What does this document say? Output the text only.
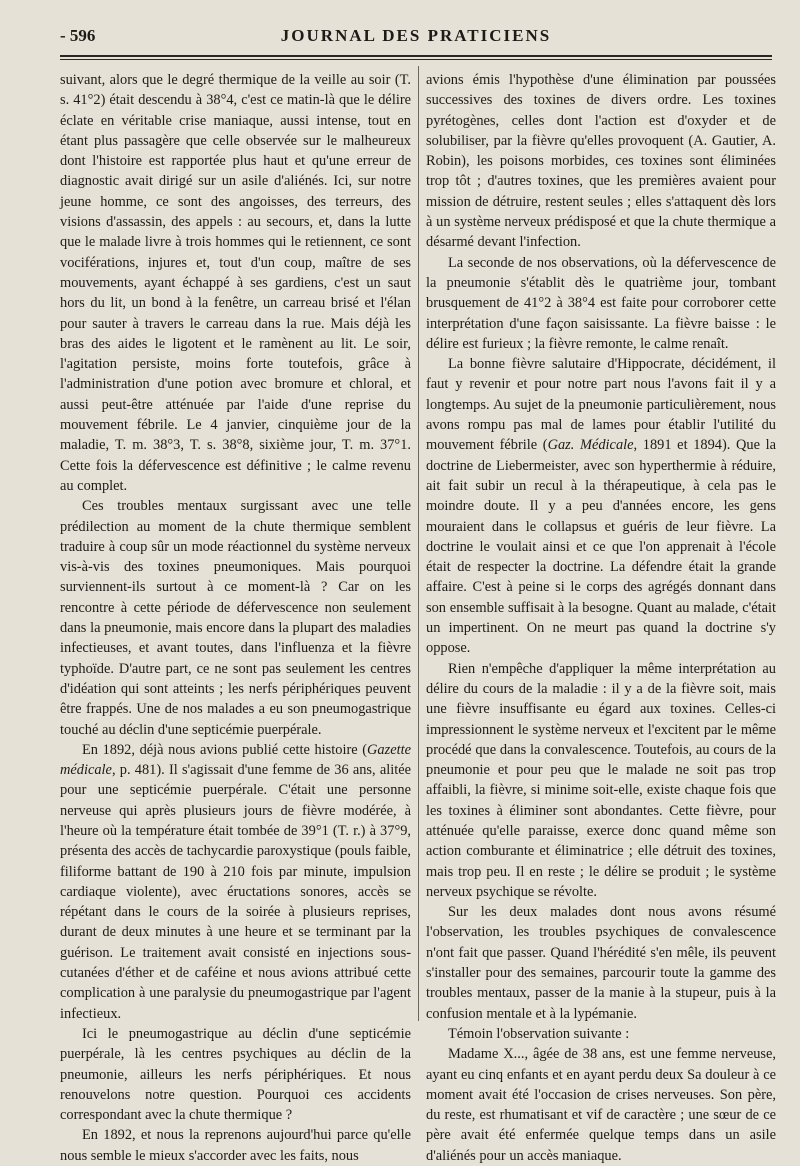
- 596	JOURNAL DES PRATICIENS

suivant, alors que le degré thermique de la veille au soir (T. s. 41°2) était descendu à 38°4, c'est ce matin-là que le délire éclate en véritable crise maniaque, aussi intense, tout en étant plus passagère que celle observée sur le malheureux dont l'histoire est rapportée plus haut et qu'une erreur de diagnostic avait dirigé sur un asile d'aliénés. Ici, sur notre jeune homme, ce sont des angoisses, des terreurs, des visions d'assassin, des appels : au secours, et, dans la lutte que le malade livre à trois hommes qui le retiennent, ce sont vociférations, injures et, tout d'un coup, maître de ses mouvements, ayant échappé à ses gardiens, c'est un saut hors du lit, un bond à la fenêtre, un carreau brisé et l'élan pour sauter à travers le carreau dans la rue. Mais déjà les bras des aides le ligotent et le ramènent au lit. Le soir, l'agitation persiste, moins forte toutefois, grâce à l'administration d'une potion avec bromure et chloral, et aussi peut-être atténuée par l'aide d'une reprise du mouvement fébrile. Le 4 janvier, cinquième jour de la maladie, T. m. 38°3, T. s. 38°8, sixième jour, T. m. 37°1. Cette fois la défervescence est définitive ; le calme revenu au complet.

Ces troubles mentaux surgissant avec une telle prédilection au moment de la chute thermique semblent traduire à coup sûr un mode réactionnel du système nerveux vis-à-vis des toxines pneumoniques. Mais pourquoi surviennent-ils surtout à ce moment-là ? Car on les rencontre à cette période de défervescence non seulement dans la pneumonie, mais encore dans la plupart des maladies infectieuses, et avant toutes, dans l'influenza et la fièvre typhoïde. D'autre part, ce ne sont pas seulement les centres d'idéation qui sont atteints ; les nerfs périphériques peuvent être frappés. Une de nos malades a eu son pneumogastrique touché au déclin d'une septicémie puerpérale.

En 1892, déjà nous avions publié cette histoire (Gazette médicale, p. 481). Il s'agissait d'une femme de 36 ans, alitée pour une septicémie puerpérale. C'était une personne nerveuse qui après plusieurs jours de fièvre modérée, à l'heure où la température était tombée de 39°1 (T. r.) à 37°9, présenta des accès de tachycardie paroxystique (pouls faible, filiforme battant de 190 à 210 fois par minute, impulsion cardiaque violente), avec éructations sonores, accès se répétant dans le cours de la soirée à plusieurs reprises, durant de deux minutes à une heure et se terminant par la guérison. Le traitement avait consisté en injections sous-cutanées d'éther et de caféine et nous avions attribué cette complication à une paralysie du pneumogastrique par l'agent infectieux.

Ici le pneumogastrique au déclin d'une septicémie puerpérale, là les centres psychiques au déclin de la pneumonie, ailleurs les nerfs périphériques. Et nous renouvelons notre question. Pourquoi ces accidents correspondant avec la chute thermique ?

En 1892, et nous la reprenons aujourd'hui parce qu'elle nous semble le mieux s'accorder avec les faits, nous

avions émis l'hypothèse d'une élimination par poussées successives des toxines de divers ordre. Les toxines pyrétogènes, celles dont l'action est d'oxyder et de solubiliser, par la fièvre qu'elles provoquent (A. Gautier, A. Robin), les poisons morbides, ces toxines sont éliminées trop tôt ; d'autres toxines, que les premières avaient pour mission de détruire, restent seules ; elles s'attaquent dès lors à un système nerveux prédisposé et que la chute thermique a désarmé devant l'infection.

La seconde de nos observations, où la défervescence de la pneumonie s'établit dès le quatrième jour, tombant brusquement de 41°2 à 38°4 est faite pour corroborer cette interprétation d'une façon saisissante. La fièvre baisse : le délire est furieux ; la fièvre remonte, le calme renaît.

La bonne fièvre salutaire d'Hippocrate, décidément, il faut y revenir et pour notre part nous l'avons fait il y a longtemps. Au sujet de la pneumonie particulièrement, nous avons rompu pas mal de lames pour établir l'utilité du mouvement fébrile (Gaz. Médicale, 1891 et 1894). Que la doctrine de Liebermeister, avec son hyperthermie à réduire, ait fait subir un recul à la thérapeutique, à cela pas le moindre doute. Il y a peu d'années encore, les gens mouraient dans le collapsus et guéris de leur fièvre. La doctrine le voulait ainsi et ce que l'on apprenait à l'école était de respecter la doctrine. La défendre était la grande affaire. C'est à peine si le corps des agrégés donnant dans son ensemble suffisait à la besogne. Quant au malade, c'était un impertinent. On ne meurt pas quand la doctrine s'y oppose.

Rien n'empêche d'appliquer la même interprétation au délire du cours de la maladie : il y a de la fièvre soit, mais une fièvre insuffisante eu égard aux toxines. Celles-ci impressionnent le système nerveux et l'excitent par le même procédé que dans la convalescence. Toutefois, au cours de la pneumonie et pour peu que le malade ne soit pas trop affaibli, la fièvre, si minime soit-elle, existe chaque fois que les toxines à éliminer sont abondantes. Cette fièvre, pour atténuée qu'elle paraisse, exerce donc quand même son action comburante et éliminatrice ; elle détruit des toxines, mais trop peu. Il en reste ; le délire se produit ; le système nerveux psychique se révolte.

Sur les deux malades dont nous avons résumé l'observation, les troubles psychiques de convalescence n'ont fait que passer. Quand l'hérédité s'en mêle, ils peuvent s'installer pour des semaines, parcourir toute la gamme des troubles mentaux, passer de la manie à la stupeur, puis à la confusion mentale et à la lypémanie.

Témoin l'observation suivante :

Madame X..., âgée de 38 ans, est une femme nerveuse, ayant eu cinq enfants et en ayant perdu deux Sa douleur à ce moment avait été l'occasion de crises nerveuses. Son père, du reste, est rhumatisant et vif de caractère ; une sœur de ce père avait été enfermée quelque temps dans un asile d'aliénés pour un accès maniaque.
